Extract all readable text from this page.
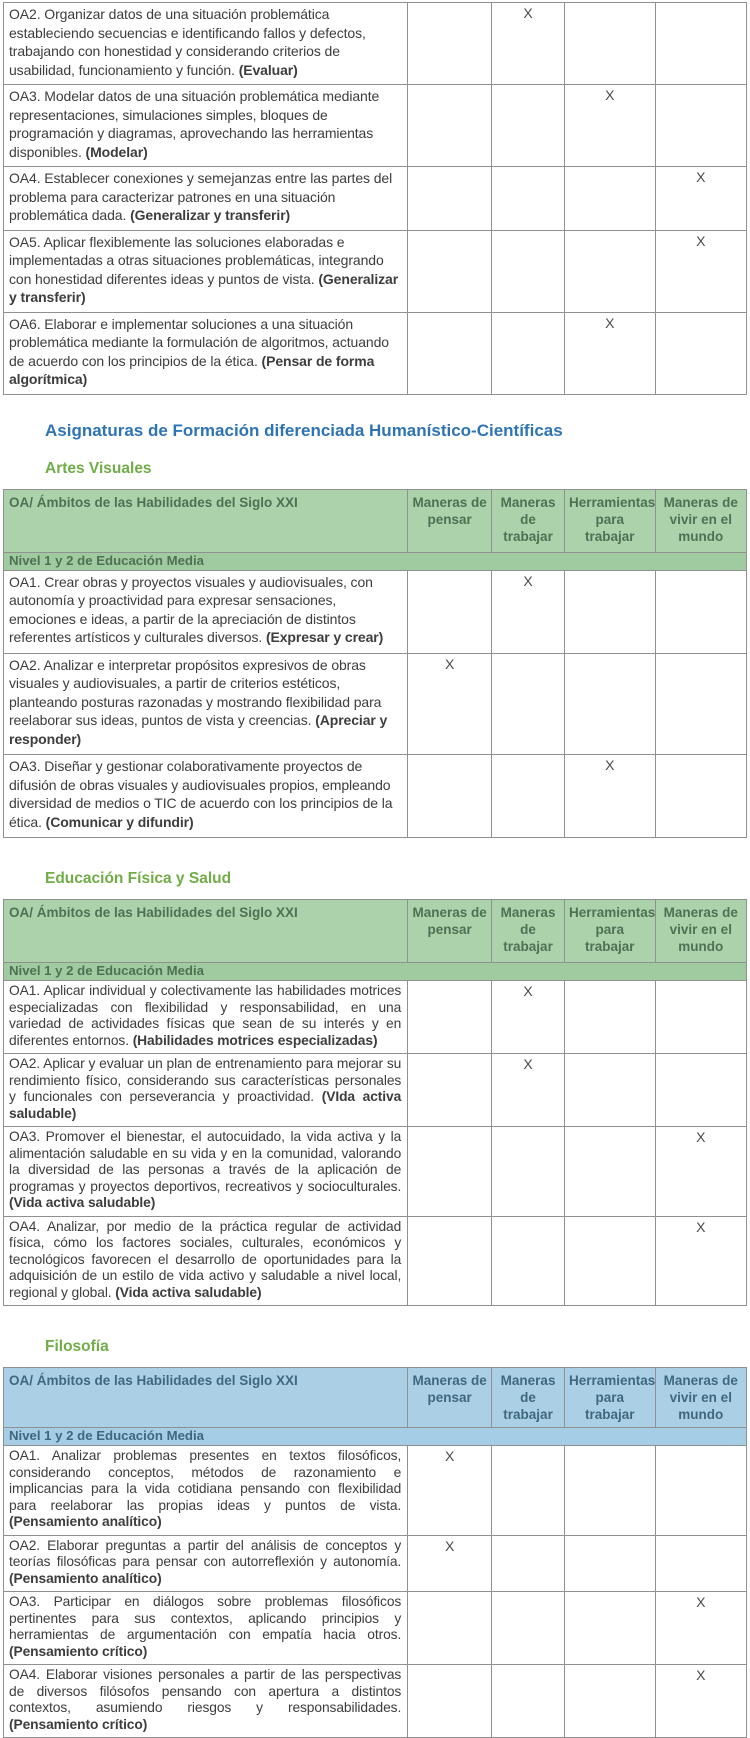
OA2. Organizar datos de una situación problemática estableciendo secuencias e identificando fallos y defectos, trabajando con honestidad y considerando criterios de usabilidad, funcionamiento y función. (Evaluar)		X		
OA3. Modelar datos de una situación problemática mediante representaciones, simulaciones simples, bloques de programación y diagramas, aprovechando las herramientas disponibles. (Modelar)			X	
OA4. Establecer conexiones y semejanzas entre las partes del problema para caracterizar patrones en una situación problemática dada. (Generalizar y transferir)				X
OA5. Aplicar flexiblemente las soluciones elaboradas e implementadas a otras situaciones problemáticas, integrando con honestidad diferentes ideas y puntos de vista. (Generalizar y transferir)				X
OA6. Elaborar e implementar soluciones a una situación problemática mediante la formulación de algoritmos, actuando de acuerdo con los principios de la ética. (Pensar de forma algorítmica)			X	
Asignaturas de Formación diferenciada Humanístico-Científicas
Artes Visuales
OA/ Ámbitos de las Habilidades del Siglo XXI	Maneras de pensar	Maneras de trabajar	Herramientas para trabajar	Maneras de vivir en el mundo
Nivel 1 y 2 de Educación Media				
OA1. Crear obras y proyectos visuales y audiovisuales, con autonomía y proactividad para expresar sensaciones, emociones e ideas, a partir de la apreciación de distintos referentes artísticos y culturales diversos. (Expresar y crear)		X		
OA2. Analizar e interpretar propósitos expresivos de obras visuales y audiovisuales, a partir de criterios estéticos, planteando posturas razonadas y mostrando flexibilidad para reelaborar sus ideas, puntos de vista y creencias. (Apreciar y responder)	X			
OA3. Diseñar y gestionar colaborativamente proyectos de difusión de obras visuales y audiovisuales propios, empleando diversidad de medios o TIC de acuerdo con los principios de la ética. (Comunicar y difundir)			X	
Educación Física y Salud
OA/ Ámbitos de las Habilidades del Siglo XXI	Maneras de pensar	Maneras de trabajar	Herramientas para trabajar	Maneras de vivir en el mundo
Nivel 1 y 2 de Educación Media				
OA1. Aplicar individual y colectivamente las habilidades motrices especializadas con flexibilidad y responsabilidad, en una variedad de actividades físicas que sean de su interés y en diferentes entornos. (Habilidades motrices especializadas)		X		
OA2. Aplicar y evaluar un plan de entrenamiento para mejorar su rendimiento físico, considerando sus características personales y funcionales con perseverancia y proactividad. (VIda activa saludable)		X		
OA3. Promover el bienestar, el autocuidado, la vida activa y la alimentación saludable en su vida y en la comunidad, valorando la diversidad de las personas a través de la aplicación de programas y proyectos deportivos, recreativos y socioculturales. (Vida activa saludable)				X
OA4. Analizar, por medio de la práctica regular de actividad física, cómo los factores sociales, culturales, económicos y tecnológicos favorecen el desarrollo de oportunidades para la adquisición de un estilo de vida activo y saludable a nivel local, regional y global. (Vida activa saludable)				X
Filosofía
OA/ Ámbitos de las Habilidades del Siglo XXI	Maneras de pensar	Maneras de trabajar	Herramientas para trabajar	Maneras de vivir en el mundo
Nivel 1 y 2 de Educación Media				
OA1. Analizar problemas presentes en textos filosóficos, considerando conceptos, métodos de razonamiento e implicancias para la vida cotidiana pensando con flexibilidad para reelaborar las propias ideas y puntos de vista. (Pensamiento analítico)	X			
OA2. Elaborar preguntas a partir del análisis de conceptos y teorías filosóficas para pensar con autorreflexión y autonomía. (Pensamiento analítico)	X			
OA3. Participar en diálogos sobre problemas filosóficos pertinentes para sus contextos, aplicando principios y herramientas de argumentación con empatía hacia otros. (Pensamiento crítico)				X
OA4. Elaborar visiones personales a partir de las perspectivas de diversos filósofos pensando con apertura a distintos contextos, asumiendo riesgos y responsabilidades. (Pensamiento crítico)				X
